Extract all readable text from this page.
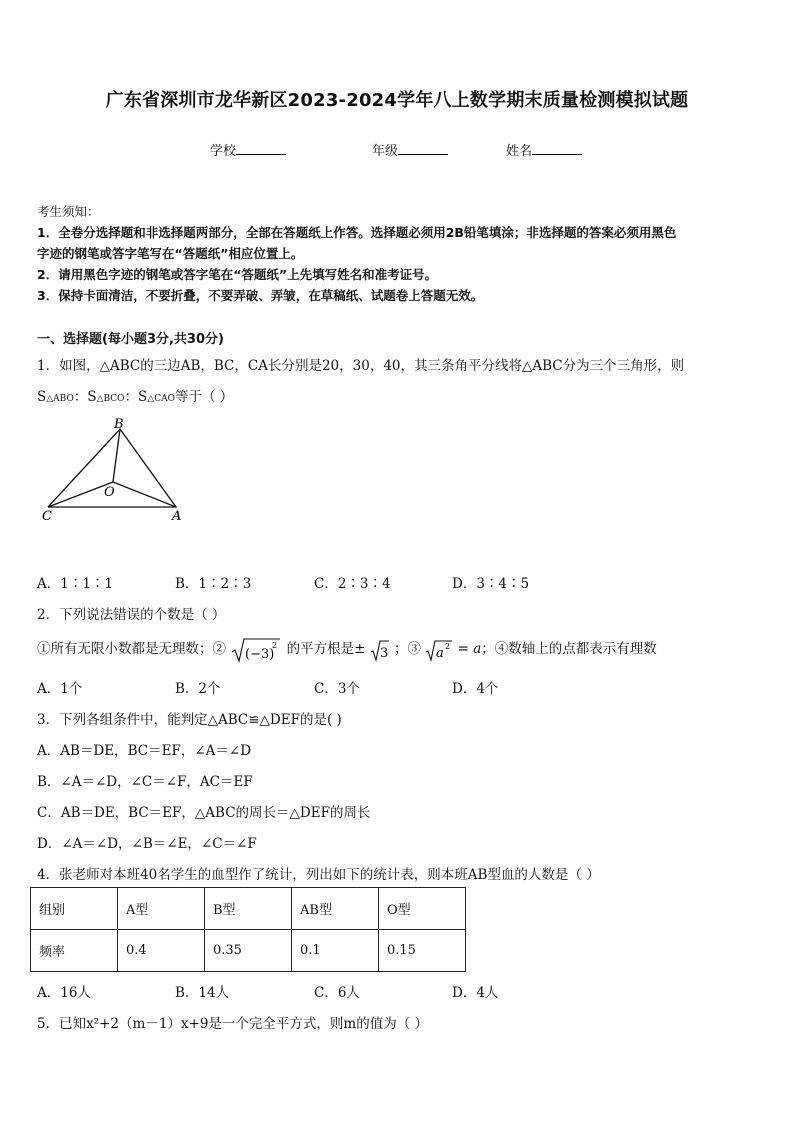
广东省深圳市龙华新区2023-2024学年八上数学期末质量检测模拟试题
学校	年级	姓名
考生须知：
1．全卷分选择题和非选择题两部分，全部在答题纸上作答。选择题必须用2B铅笔填涂；非选择题的答案必须用黑色
字迹的钢笔或答字笔写在“答题纸”相应位置上。
2．请用黑色字迹的钢笔或答字笔在“答题纸”上先填写姓名和准考证号。
3．保持卡面清洁，不要折叠，不要弄破、弄皱，在草稿纸、试题卷上答题无效。
一、选择题(每小题3分,共30分)
1．如图，△ABC的三边AB，BC，CA长分别是20，30，40，其三条角平分线将△ABC分为三个三角形，则
S△ABO：S△BCO：S△CAO等于（ ）
B
O
C	A
A．1∶1∶1	B．1∶2∶3	C．2∶3∶4	D．3∶4∶5
2．下列说法错误的个数是（ ）
①所有无限小数都是无理数；② (−3)
2 的平方根是± 3 ；③ a 2 = a；④数轴上的点都表示有理数
A．1个	B．2个	C．3个	D．4个
3．下列各组条件中，能判定△ABC≌△DEF的是( )
A．AB＝DE，BC＝EF，∠A＝∠D
B．∠A＝∠D，∠C＝∠F，AC＝EF
C．AB＝DE，BC＝EF，△ABC的周长＝△DEF的周长
D．∠A＝∠D，∠B＝∠E，∠C＝∠F
4．张老师对本班40名学生的血型作了统计，列出如下的统计表，则本班AB型血的人数是（ ）
组别	A型	B型	AB型	O型
频率	0.4	0.35	0.1	0.15
A．16人	B．14人	C．6人	D．4人
5．已知x²+2（m－1）x+9是一个完全平方式，则m的值为（ ）
